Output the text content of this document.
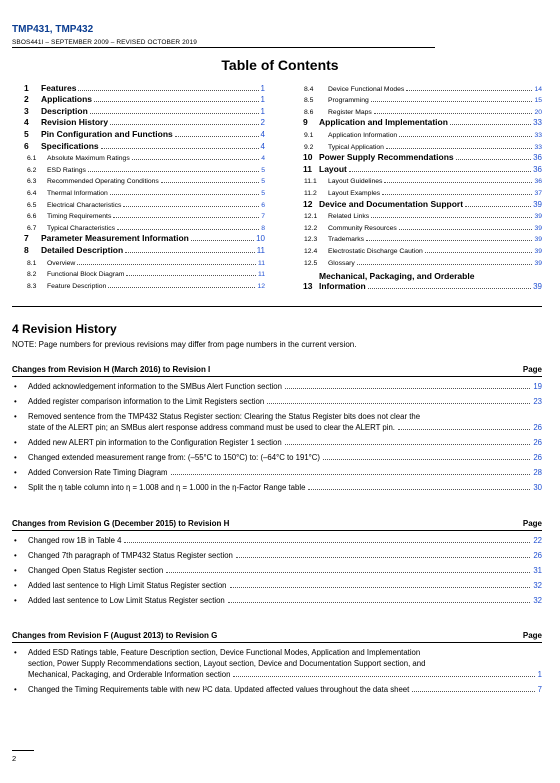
TMP431, TMP432
SBOS441I – SEPTEMBER 2009 – REVISED OCTOBER 2019
Table of Contents
1	Features	1
2	Applications	1
3	Description	1
4	Revision History	2
5	Pin Configuration and Functions	4
6	Specifications	4
6.1	Absolute Maximum Ratings	4
6.2	ESD Ratings	5
6.3	Recommended Operating Conditions	5
6.4	Thermal Information	5
6.5	Electrical Characteristics	6
6.6	Timing Requirements	7
6.7	Typical Characteristics	8
7	Parameter Measurement Information	10
8	Detailed Description	11
8.1	Overview	11
8.2	Functional Block Diagram	11
8.3	Feature Description	12
8.4	Device Functional Modes	14
8.5	Programming	15
8.6	Register Maps	20
9	Application and Implementation	33
9.1	Application Information	33
9.2	Typical Application	33
10 Power Supply Recommendations	36
11 Layout	36
11.1	Layout Guidelines	36
11.2	Layout Examples	37
12 Device and Documentation Support	39
12.1	Related Links	39
12.2	Community Resources	39
12.3	Trademarks	39
12.4	Electrostatic Discharge Caution	39
12.5	Glossary	39
13
Mechanical, Packaging, and Orderable
Information	39
4 Revision History
NOTE: Page numbers for previous revisions may differ from page numbers in the current version.
Changes from Revision H (March 2016) to Revision I	Page
•	Added acknowledgement information to the SMBus Alert Function section	19
•	Added register comparison information to the Limit Registers section	23
•	Removed sentence from the TMP432 Status Register section: Clearing the Status Register bits does not clear the
state of the ALERT pin; an SMBus alert response address command must be used to clear the ALERT pin.	26
•	Added new ALERT pin information to the Configuration Register 1 section	26
•	Changed extended measurement range from: (–55°C to 150°C) to: (–64°C to 191°C)	26
•	Added Conversion Rate Timing Diagram	28
•	Split the η table column into η = 1.008 and η = 1.000 in the η-Factor Range table	30
Changes from Revision G (December 2015) to Revision H	Page
•	Changed row 1B in Table 4	22
•	Changed 7th paragraph of TMP432 Status Register section	26
•	Changed Open Status Register section	31
•	Added last sentence to High Limit Status Register section	32
•	Added last sentence to Low Limit Status Register section	32
Changes from Revision F (August 2013) to Revision G	Page
•	Added ESD Ratings table, Feature Description section, Device Functional Modes, Application and Implementation
section, Power Supply Recommendations section, Layout section, Device and Documentation Support section, and
Mechanical, Packaging, and Orderable Information section	1
•	Changed the Timing Requirements table with new I²C data. Updated affected values throughout the data sheet	7
2
